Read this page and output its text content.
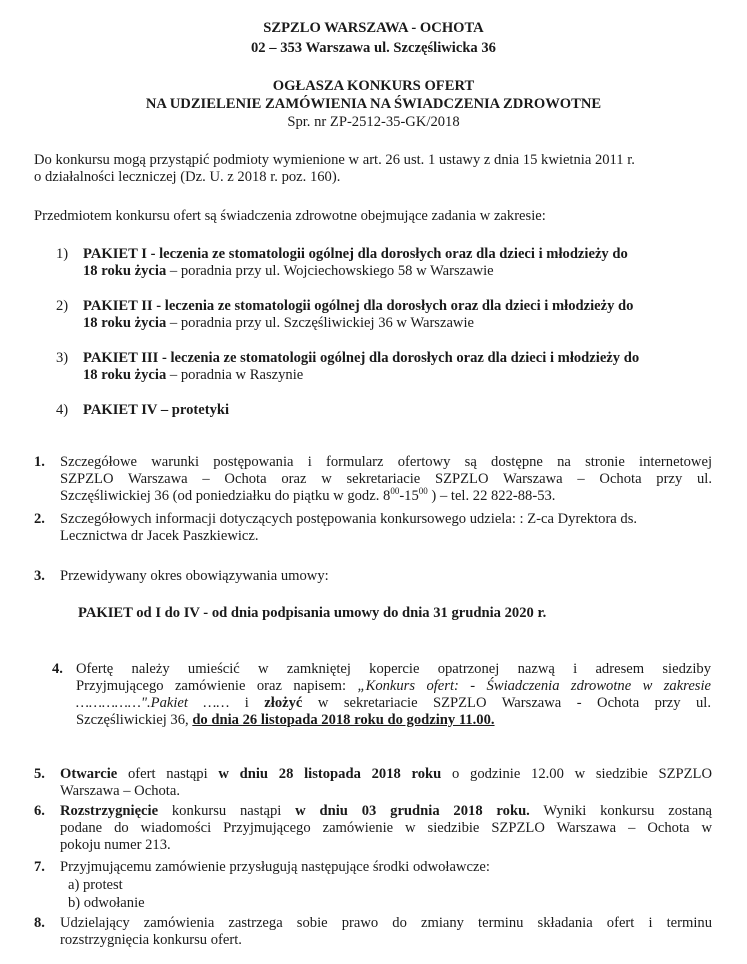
SZPZLO WARSZAWA - OCHOTA
02 – 353 Warszawa ul. Szczęśliwicka 36
OGŁASZA KONKURS OFERT
NA UDZIELENIE ZAMÓWIENIA NA ŚWIADCZENIA ZDROWOTNE
Spr. nr ZP-2512-35-GK/2018
Do konkursu mogą przystąpić podmioty wymienione w art. 26 ust. 1 ustawy z dnia 15 kwietnia 2011 r.
o działalności leczniczej (Dz. U. z 2018 r. poz. 160).
Przedmiotem konkursu ofert są świadczenia zdrowotne obejmujące zadania w zakresie:
1) PAKIET I - leczenia ze stomatologii ogólnej dla dorosłych oraz dla dzieci i młodzieży do
18 roku życia – poradnia przy ul. Wojciechowskiego 58 w Warszawie
2) PAKIET II - leczenia ze stomatologii ogólnej dla dorosłych oraz dla dzieci i młodzieży do
18 roku życia – poradnia przy ul. Szczęśliwickiej 36 w Warszawie
3) PAKIET III - leczenia ze stomatologii ogólnej dla dorosłych oraz dla dzieci i młodzieży do
18 roku życia – poradnia w Raszynie
4) PAKIET IV – protetyki
1. Szczegółowe warunki postępowania i formularz ofertowy są dostępne na stronie internetowej
SZPZLO Warszawa – Ochota oraz w sekretariacie SZPZLO Warszawa – Ochota przy ul.
Szczęśliwickiej 36 (od poniedziałku do piątku w godz. $8^{00}-15^{00}$ ) – tel. 22 822-88-53.
2. Szczegółowych informacji dotyczących postępowania konkursowego udziela: : Z-ca Dyrektora ds.
Lecznictwa dr Jacek Paszkiewicz.
3. Przewidywany okres obowiązywania umowy:
PAKIET od I do IV - od dnia podpisania umowy do dnia 31 grudnia 2020 r.
4. Ofertę należy umieścić w zamkniętej kopercie opatrzonej nazwą i adresem siedziby
Przyjmującego zamówienie oraz napisem: „Konkurs ofert: - Świadczenia zdrowotne w zakresie
……………".Pakiet …… i złożyć w sekretariacie SZPZLO Warszawa - Ochota przy ul.
Szczęśliwickiej 36, do dnia 26 listopada 2018 roku do godziny 11.00.
5. Otwarcie ofert nastąpi w dniu 28 listopada 2018 roku o godzinie 12.00 w siedzibie SZPZLO
Warszawa – Ochota.
6. Rozstrzygnięcie konkursu nastąpi w dniu 03 grudnia 2018 roku. Wyniki konkursu zostaną
podane do wiadomości Przyjmującego zamówienie w siedzibie SZPZLO Warszawa – Ochota w
pokoju numer 213.
7. Przyjmującemu zamówienie przysługują następujące środki odwoławcze:
a) protest
b) odwołanie
8. Udzielający zamówienia zastrzega sobie prawo do zmiany terminu składania ofert i terminu
rozstrzygnięcia konkursu ofert.
